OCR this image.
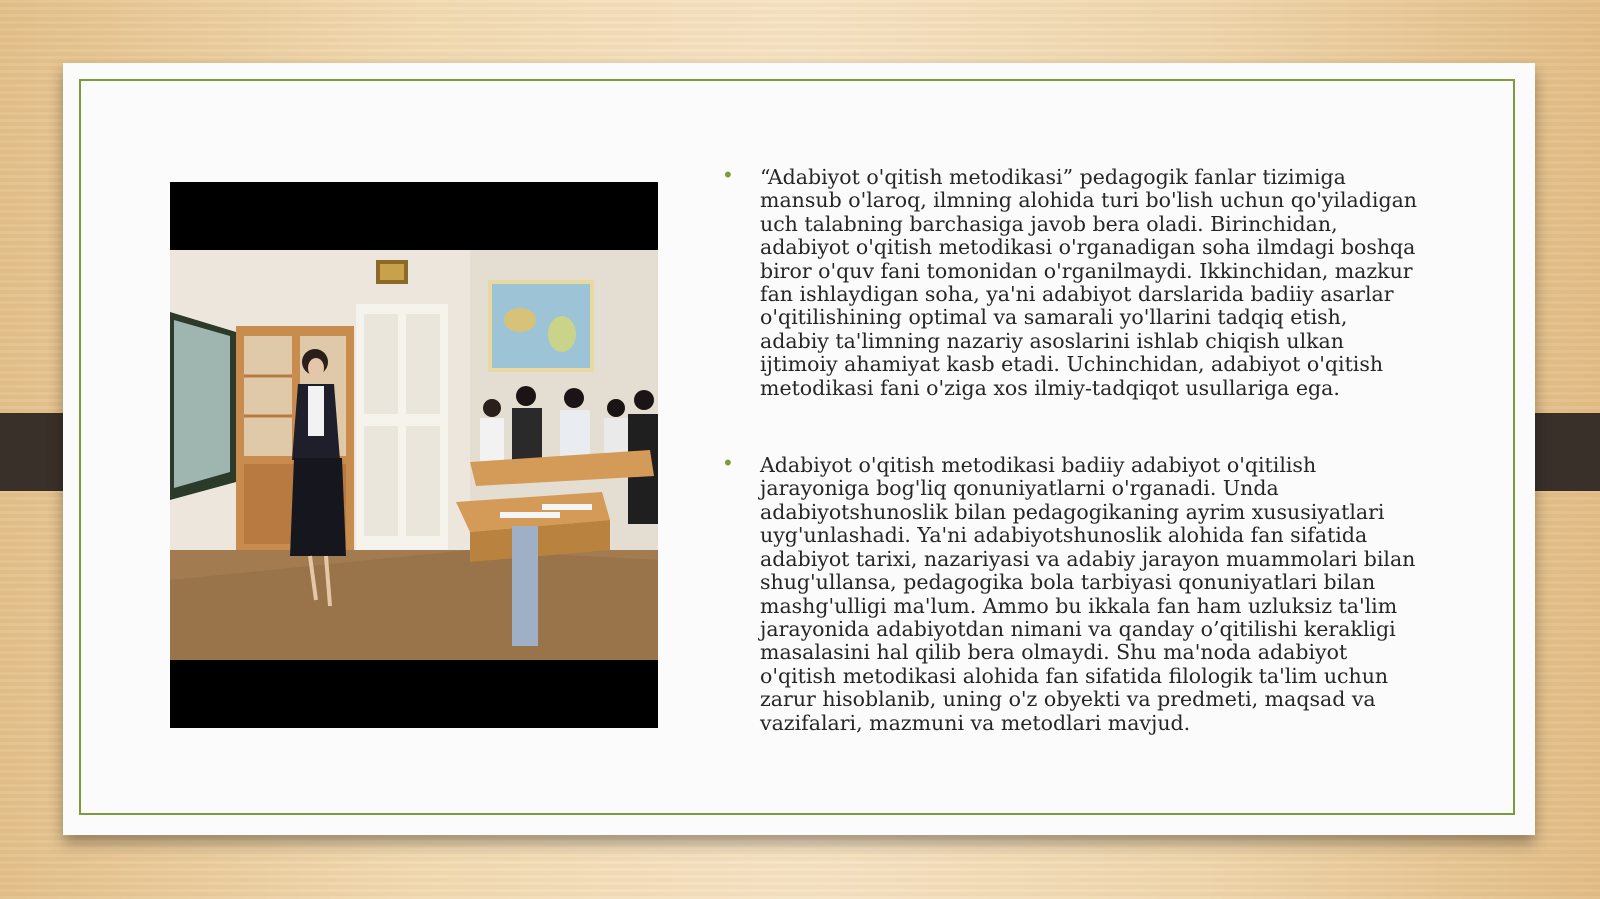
• “Adabiyot o'qitish metodikasi” pedagogik fanlar tizimiga mansub o'laroq, ilmning alohida turi bo'lish uchun qo'yiladigan uch talabning barchasiga javob bera oladi. Birinchidan, adabiyot o'qitish metodikasi o'rganadigan soha ilmdagi boshqa biror o'quv fani tomonidan o'rganilmaydi. Ikkinchidan, mazkur fan ishlaydigan soha, ya'ni adabiyot darslarida badiiy asarlar o'qitilishining optimal va samarali yo'llarini tadqiq etish, adabiy ta'limning nazariy asoslarini ishlab chiqish ulkan ijtimoiy ahamiyat kasb etadi. Uchinchidan, adabiyot o'qitish metodikasi fani o'ziga xos ilmiy-tadqiqot usullariga ega.
• Adabiyot o'qitish metodikasi badiiy adabiyot o'qitilish jarayoniga bog'liq qonuniyatlarni o'rganadi. Unda adabiyotshunoslik bilan pedagogikaning ayrim xususiyatlari uyg'unlashadi. Ya'ni adabiyotshunoslik alohida fan sifatida adabiyot tarixi, nazariyasi va adabiy jarayon muammolari bilan shug'ullansa, pedagogika bola tarbiyasi qonuniyatlari bilan mashg'ulligi ma'lum. Ammo bu ikkala fan ham uzluksiz ta'lim jarayonida adabiyotdan nimani va qanday o’qitilishi kerakligi masalasini hal qilib bera olmaydi. Shu ma'noda adabiyot o'qitish metodikasi alohida fan sifatida filologik ta'lim uchun zarur hisoblanib, uning o'z obyekti va predmeti, maqsad va vazifalari, mazmuni va metodlari mavjud.
